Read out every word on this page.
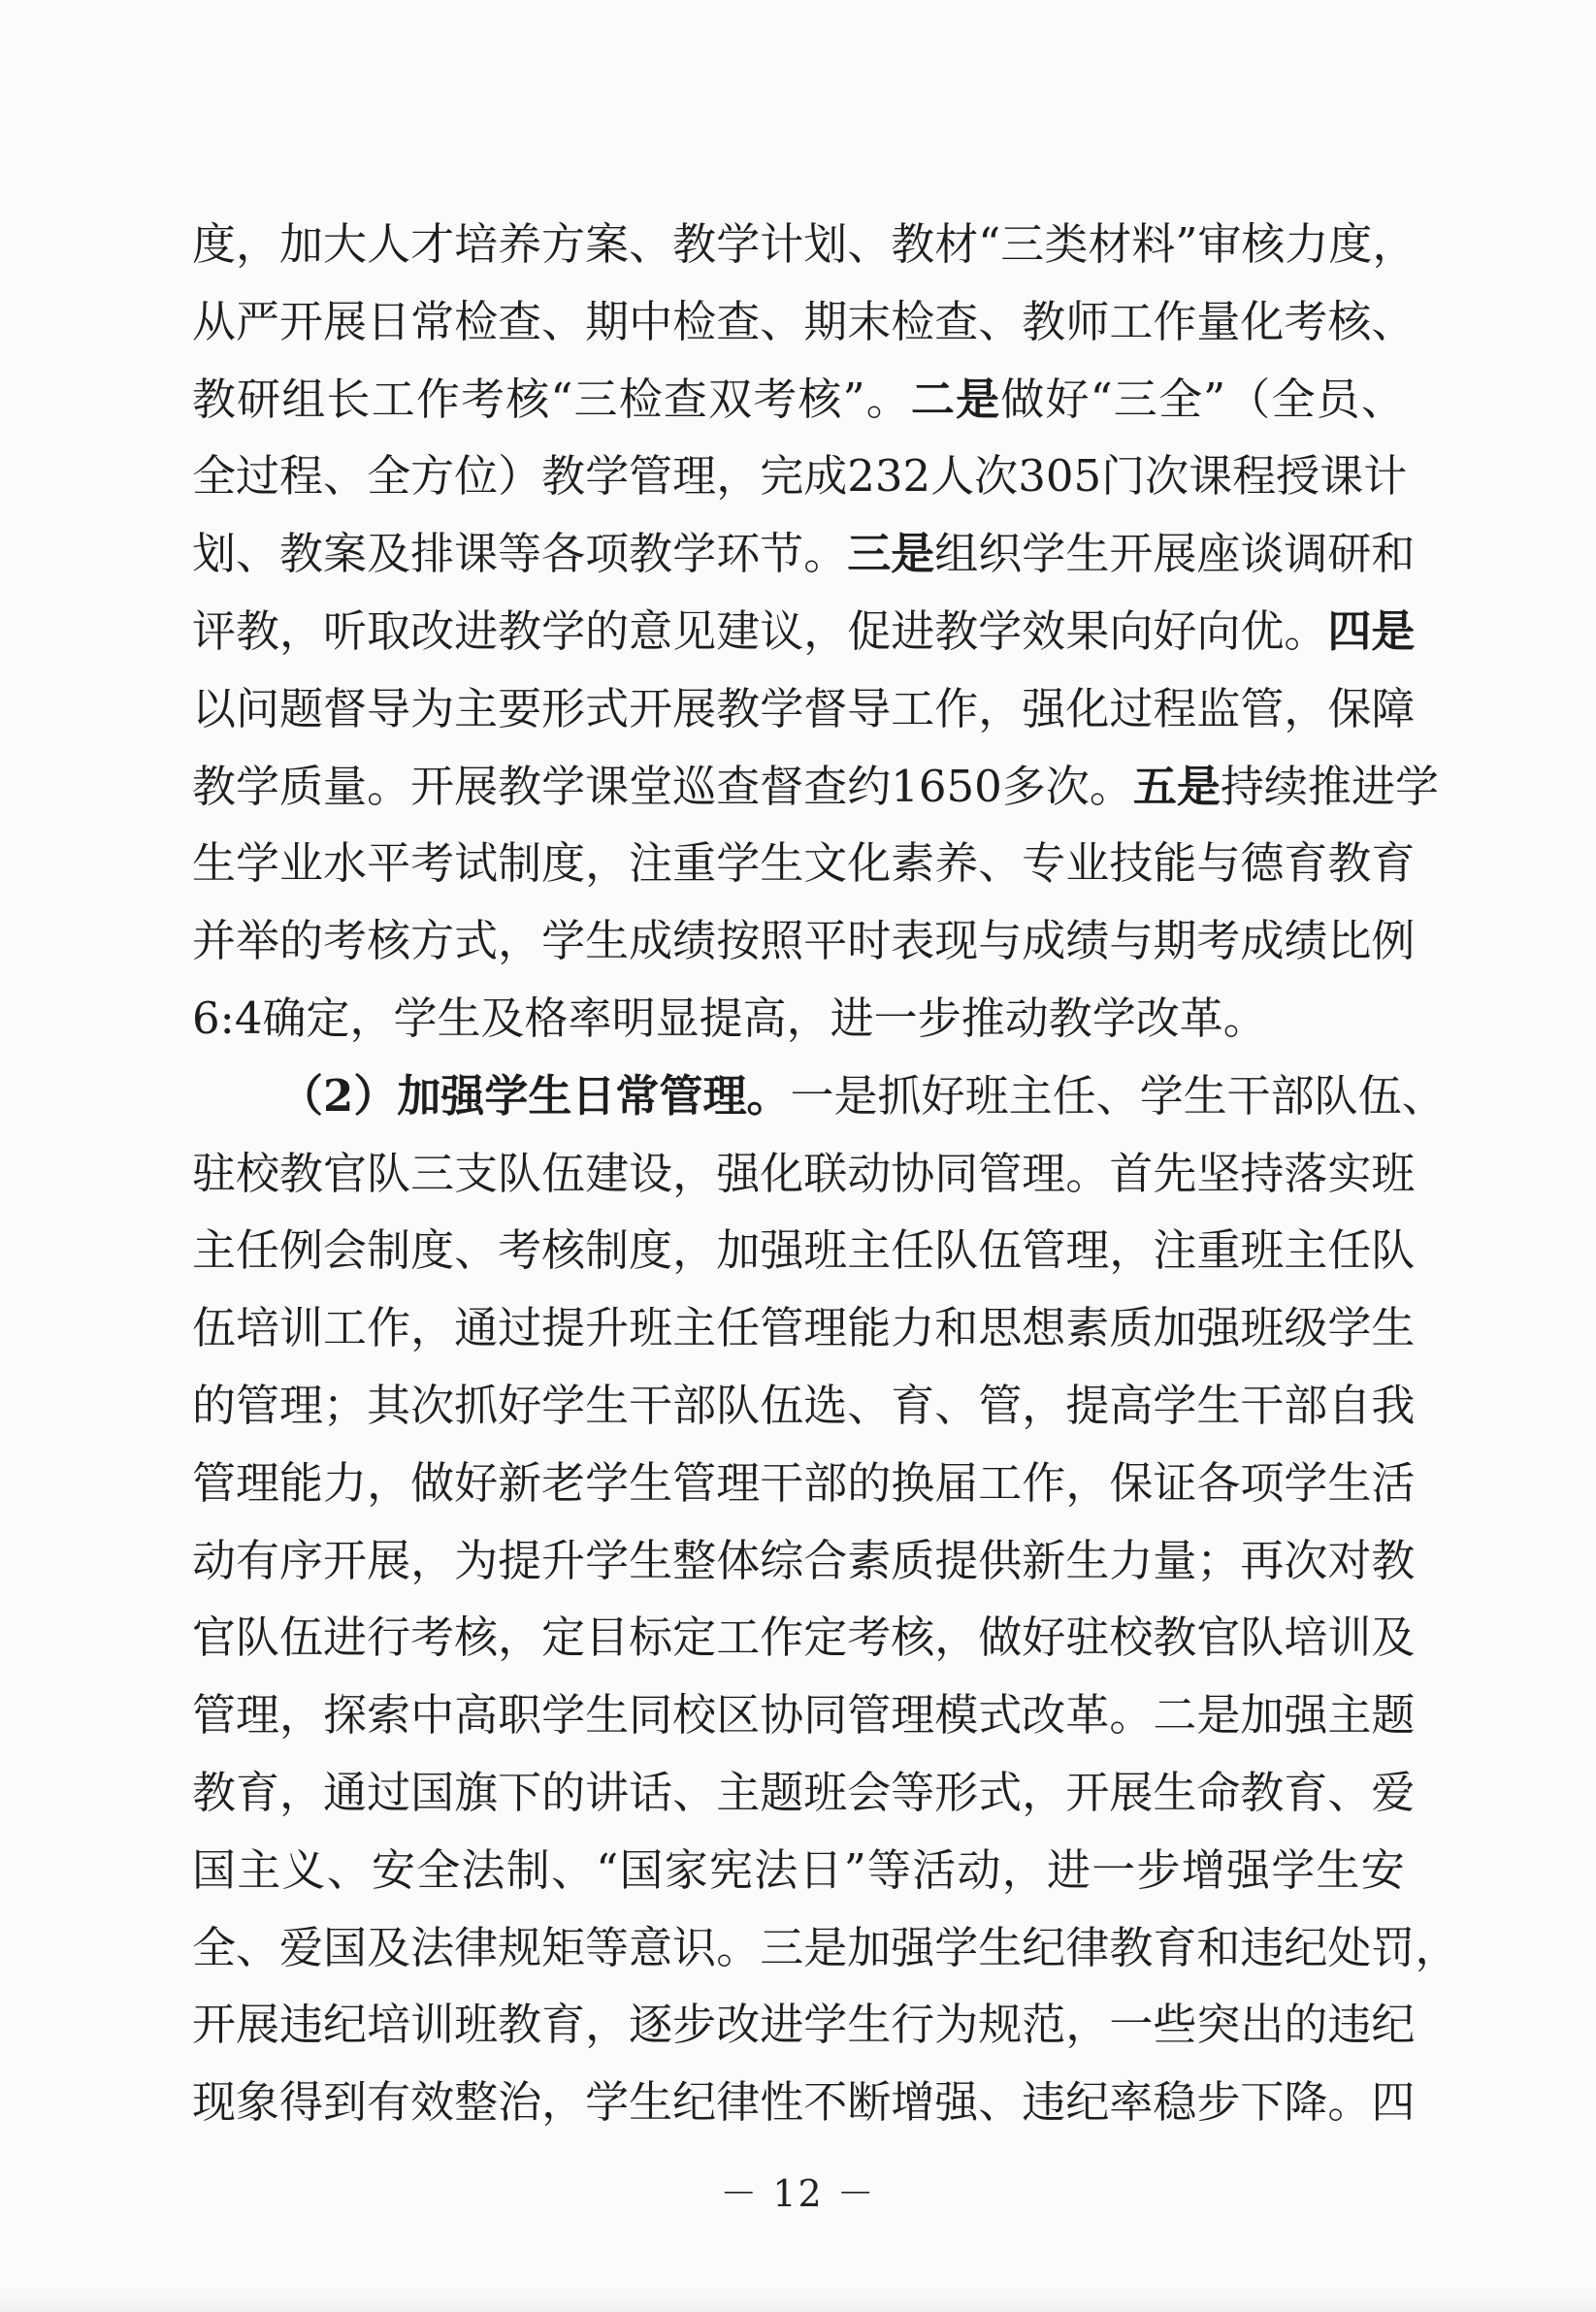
度 ， 加 大 人 才 培 养 方 案 、 教 学 计 划 、 教 材 “ 三 类 材 料 ” 审 核 力 度 ，
从 严 开 展 日 常 检 查 、 期 中 检 查 、 期 末 检 查 、 教 师 工 作 量 化 考 核 、
教 研 组 长 工 作 考 核 “ 三 检 查 双 考 核 ” 。 二 是 做 好 “ 三 全 ” （ 全 员 、
全 过 程 、 全 方 位 ） 教 学 管 理 ， 完 成 2 3 2 人 次 3 0 5 门 次 课 程 授 课 计
划 、 教 案 及 排 课 等 各 项 教 学 环 节 。 三 是 组 织 学 生 开 展 座 谈 调 研 和
评 教 ， 听 取 改 进 教 学 的 意 见 建 议 ， 促 进 教 学 效 果 向 好 向 优 。 四 是
以 问 题 督 导 为 主 要 形 式 开 展 教 学 督 导 工 作 ， 强 化 过 程 监 管 ， 保 障
教 学 质 量 。 开 展 教 学 课 堂 巡 查 督 查 约 1 6 5 0 多 次 。 五 是 持 续 推 进 学
生 学 业 水 平 考 试 制 度 ， 注 重 学 生 文 化 素 养 、 专 业 技 能 与 德 育 教 育
并 举 的 考 核 方 式 ， 学 生 成 绩 按 照 平 时 表 现 与 成 绩 与 期 考 成 绩 比 例
6 : 4 确 定 ， 学 生 及 格 率 明 显 提 高 ， 进 一 步 推 动 教 学 改 革 。
（ 2 ） 加 强 学 生 日 常 管 理 。 一 是 抓 好 班 主 任 、 学 生 干 部 队 伍 、
驻 校 教 官 队 三 支 队 伍 建 设 ， 强 化 联 动 协 同 管 理 。 首 先 坚 持 落 实 班
主 任 例 会 制 度 、 考 核 制 度 ， 加 强 班 主 任 队 伍 管 理 ， 注 重 班 主 任 队
伍 培 训 工 作 ， 通 过 提 升 班 主 任 管 理 能 力 和 思 想 素 质 加 强 班 级 学 生
的 管 理 ； 其 次 抓 好 学 生 干 部 队 伍 选 、 育 、 管 ， 提 高 学 生 干 部 自 我
管 理 能 力 ， 做 好 新 老 学 生 管 理 干 部 的 换 届 工 作 ， 保 证 各 项 学 生 活
动 有 序 开 展 ， 为 提 升 学 生 整 体 综 合 素 质 提 供 新 生 力 量 ； 再 次 对 教
官 队 伍 进 行 考 核 ， 定 目 标 定 工 作 定 考 核 ， 做 好 驻 校 教 官 队 培 训 及
管 理 ， 探 索 中 高 职 学 生 同 校 区 协 同 管 理 模 式 改 革 。 二 是 加 强 主 题
教 育 ， 通 过 国 旗 下 的 讲 话 、 主 题 班 会 等 形 式 ， 开 展 生 命 教 育 、 爱
国 主 义 、 安 全 法 制 、 “ 国 家 宪 法 日 ” 等 活 动 ， 进 一 步 增 强 学 生 安
全 、 爱 国 及 法 律 规 矩 等 意 识 。 三 是 加 强 学 生 纪 律 教 育 和 违 纪 处 罚 ，
开 展 违 纪 培 训 班 教 育 ， 逐 步 改 进 学 生 行 为 规 范 ， 一 些 突 出 的 违 纪
现 象 得 到 有 效 整 治 ， 学 生 纪 律 性 不 断 增 强 、 违 纪 率 稳 步 下 降 。 四
－ 12 －
